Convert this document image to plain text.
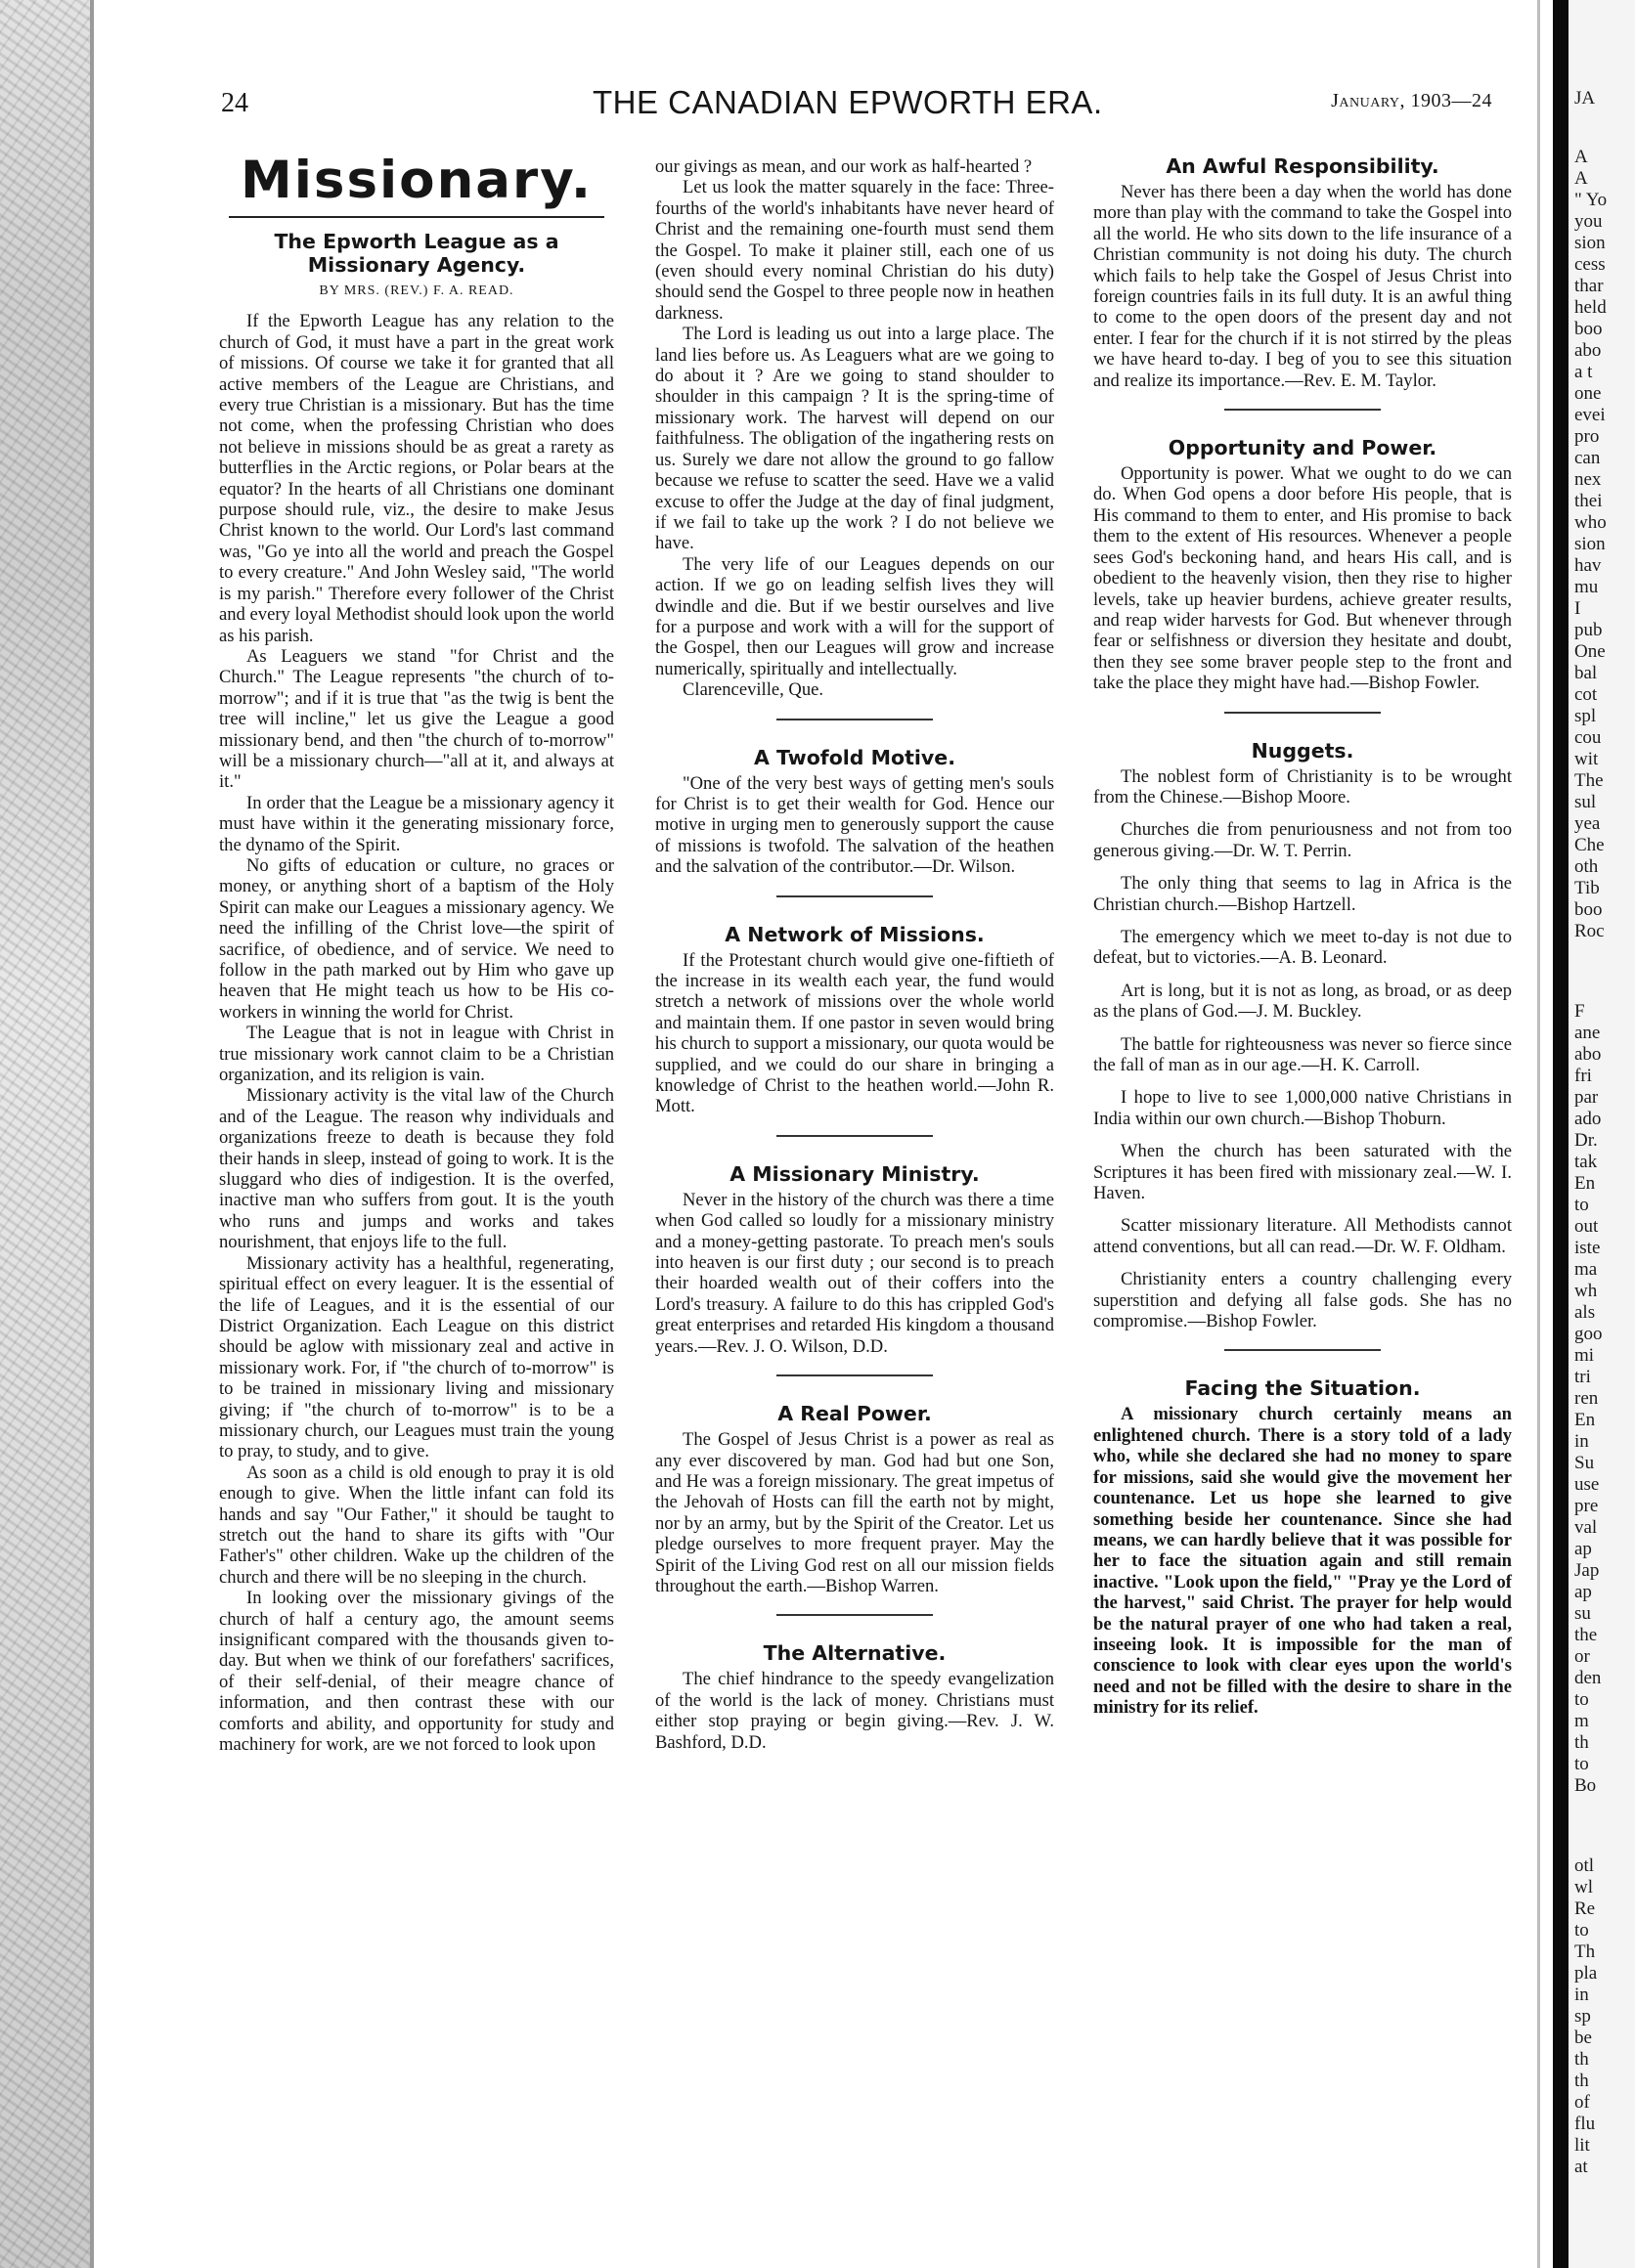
JA
A
A
" Yo
you
sion
cess
thar
held
boo
abo
a t
one
evei
pro
can
nex
thei
who
sion
hav
mu
I
pub
One
bal
cot
spl
cou
wit
The
sul
yea
Che
oth
Tib
boo
Roc
F
ane
abo
fri
par
ado
Dr.
tak
En
to
out
iste
ma
wh
als
goo
mi
tri
ren
En
in
Su
use
pre
val
ap
Jap
ap
su
the
or
den
to
m
th
to
Bo
otl
wl
Re
to
Th
pla
in
sp
be
th
th
of
flu
lit
at
24	THE CANADIAN EPWORTH ERA.	January, 1903—24
Missionary.
The Epworth League as a Missionary Agency.
BY MRS. (REV.) F. A. READ.

If the Epworth League has any relation to the church of God, it must have a part in the great work of missions. Of course we take it for granted that all active members of the League are Christians, and every true Christian is a missionary. But has the time not come, when the professing Christian who does not believe in missions should be as great a rarety as butterflies in the Arctic regions, or Polar bears at the equator? In the hearts of all Christians one dominant purpose should rule, viz., the desire to make Jesus Christ known to the world. Our Lord's last command was, "Go ye into all the world and preach the Gospel to every creature." And John Wesley said, "The world is my parish." Therefore every follower of the Christ and every loyal Methodist should look upon the world as his parish.

As Leaguers we stand "for Christ and the Church." The League represents "the church of to-morrow"; and if it is true that "as the twig is bent the tree will incline," let us give the League a good missionary bend, and then "the church of to-morrow" will be a missionary church—"all at it, and always at it."

In order that the League be a missionary agency it must have within it the generating missionary force, the dynamo of the Spirit.

No gifts of education or culture, no graces or money, or anything short of a baptism of the Holy Spirit can make our Leagues a missionary agency. We need the infilling of the Christ love—the spirit of sacrifice, of obedience, and of service. We need to follow in the path marked out by Him who gave up heaven that He might teach us how to be His co-workers in winning the world for Christ.

The League that is not in league with Christ in true missionary work cannot claim to be a Christian organization, and its religion is vain.

Missionary activity is the vital law of the Church and of the League. The reason why individuals and organizations freeze to death is because they fold their hands in sleep, instead of going to work. It is the sluggard who dies of indigestion. It is the overfed, inactive man who suffers from gout. It is the youth who runs and jumps and works and takes nourishment, that enjoys life to the full.

Missionary activity has a healthful, regenerating, spiritual effect on every leaguer. It is the essential of the life of Leagues, and it is the essential of our District Organization. Each League on this district should be aglow with missionary zeal and active in missionary work. For, if "the church of to-morrow" is to be trained in missionary living and missionary giving; if "the church of to-morrow" is to be a missionary church, our Leagues must train the young to pray, to study, and to give.

As soon as a child is old enough to pray it is old enough to give. When the little infant can fold its hands and say "Our Father," it should be taught to stretch out the hand to share its gifts with "Our Father's" other children. Wake up the children of the church and there will be no sleeping in the church.

In looking over the missionary givings of the church of half a century ago, the amount seems insignificant compared with the thousands given to-day. But when we think of our forefathers' sacrifices, of their self-denial, of their meagre chance of information, and then contrast these with our comforts and ability, and opportunity for study and machinery for work, are we not forced to look upon

our givings as mean, and our work as half-hearted ?

Let us look the matter squarely in the face: Three-fourths of the world's inhabitants have never heard of Christ and the remaining one-fourth must send them the Gospel. To make it plainer still, each one of us (even should every nominal Christian do his duty) should send the Gospel to three people now in heathen darkness.

The Lord is leading us out into a large place. The land lies before us. As Leaguers what are we going to do about it ? Are we going to stand shoulder to shoulder in this campaign ? It is the spring-time of missionary work. The harvest will depend on our faithfulness. The obligation of the ingathering rests on us. Surely we dare not allow the ground to go fallow because we refuse to scatter the seed. Have we a valid excuse to offer the Judge at the day of final judgment, if we fail to take up the work ? I do not believe we have.

The very life of our Leagues depends on our action. If we go on leading selfish lives they will dwindle and die. But if we bestir ourselves and live for a purpose and work with a will for the support of the Gospel, then our Leagues will grow and increase numerically, spiritually and intellectually.

Clarenceville, Que.

A Twofold Motive.

"One of the very best ways of getting men's souls for Christ is to get their wealth for God. Hence our motive in urging men to generously support the cause of missions is twofold. The salvation of the heathen and the salvation of the contributor.—Dr. Wilson.

A Network of Missions.

If the Protestant church would give one-fiftieth of the increase in its wealth each year, the fund would stretch a network of missions over the whole world and maintain them. If one pastor in seven would bring his church to support a missionary, our quota would be supplied, and we could do our share in bringing a knowledge of Christ to the heathen world.—John R. Mott.

A Missionary Ministry.

Never in the history of the church was there a time when God called so loudly for a missionary ministry and a money-getting pastorate. To preach men's souls into heaven is our first duty ; our second is to preach their hoarded wealth out of their coffers into the Lord's treasury. A failure to do this has crippled God's great enterprises and retarded His kingdom a thousand years.—Rev. J. O. Wilson, D.D.

A Real Power.

The Gospel of Jesus Christ is a power as real as any ever discovered by man. God had but one Son, and He was a foreign missionary. The great impetus of the Jehovah of Hosts can fill the earth not by might, nor by an army, but by the Spirit of the Creator. Let us pledge ourselves to more frequent prayer. May the Spirit of the Living God rest on all our mission fields throughout the earth.—Bishop Warren.

The Alternative.

The chief hindrance to the speedy evangelization of the world is the lack of money. Christians must either stop praying or begin giving.—Rev. J. W. Bashford, D.D.

An Awful Responsibility.

Never has there been a day when the world has done more than play with the command to take the Gospel into all the world. He who sits down to the life insurance of a Christian community is not doing his duty. The church which fails to help take the Gospel of Jesus Christ into foreign countries fails in its full duty. It is an awful thing to come to the open doors of the present day and not enter. I fear for the church if it is not stirred by the pleas we have heard to-day. I beg of you to see this situation and realize its importance.—Rev. E. M. Taylor.

Opportunity and Power.

Opportunity is power. What we ought to do we can do. When God opens a door before His people, that is His command to them to enter, and His promise to back them to the extent of His resources. Whenever a people sees God's beckoning hand, and hears His call, and is obedient to the heavenly vision, then they rise to higher levels, take up heavier burdens, achieve greater results, and reap wider harvests for God. But whenever through fear or selfishness or diversion they hesitate and doubt, then they see some braver people step to the front and take the place they might have had.—Bishop Fowler.

Nuggets.

The noblest form of Christianity is to be wrought from the Chinese.—Bishop Moore.

Churches die from penuriousness and not from too generous giving.—Dr. W. T. Perrin.

The only thing that seems to lag in Africa is the Christian church.—Bishop Hartzell.

The emergency which we meet to-day is not due to defeat, but to victories.—A. B. Leonard.

Art is long, but it is not as long, as broad, or as deep as the plans of God.—J. M. Buckley.

The battle for righteousness was never so fierce since the fall of man as in our age.—H. K. Carroll.

I hope to live to see 1,000,000 native Christians in India within our own church.—Bishop Thoburn.

When the church has been saturated with the Scriptures it has been fired with missionary zeal.—W. I. Haven.

Scatter missionary literature. All Methodists cannot attend conventions, but all can read.—Dr. W. F. Oldham.

Christianity enters a country challenging every superstition and defying all false gods. She has no compromise.—Bishop Fowler.

Facing the Situation.

A missionary church certainly means an enlightened church. There is a story told of a lady who, while she declared she had no money to spare for missions, said she would give the movement her countenance. Let us hope she learned to give something beside her countenance. Since she had means, we can hardly believe that it was possible for her to face the situation again and still remain inactive. "Look upon the field," "Pray ye the Lord of the harvest," said Christ. The prayer for help would be the natural prayer of one who had taken a real, inseeing look. It is impossible for the man of conscience to look with clear eyes upon the world's need and not be filled with the desire to share in the ministry for its relief.
